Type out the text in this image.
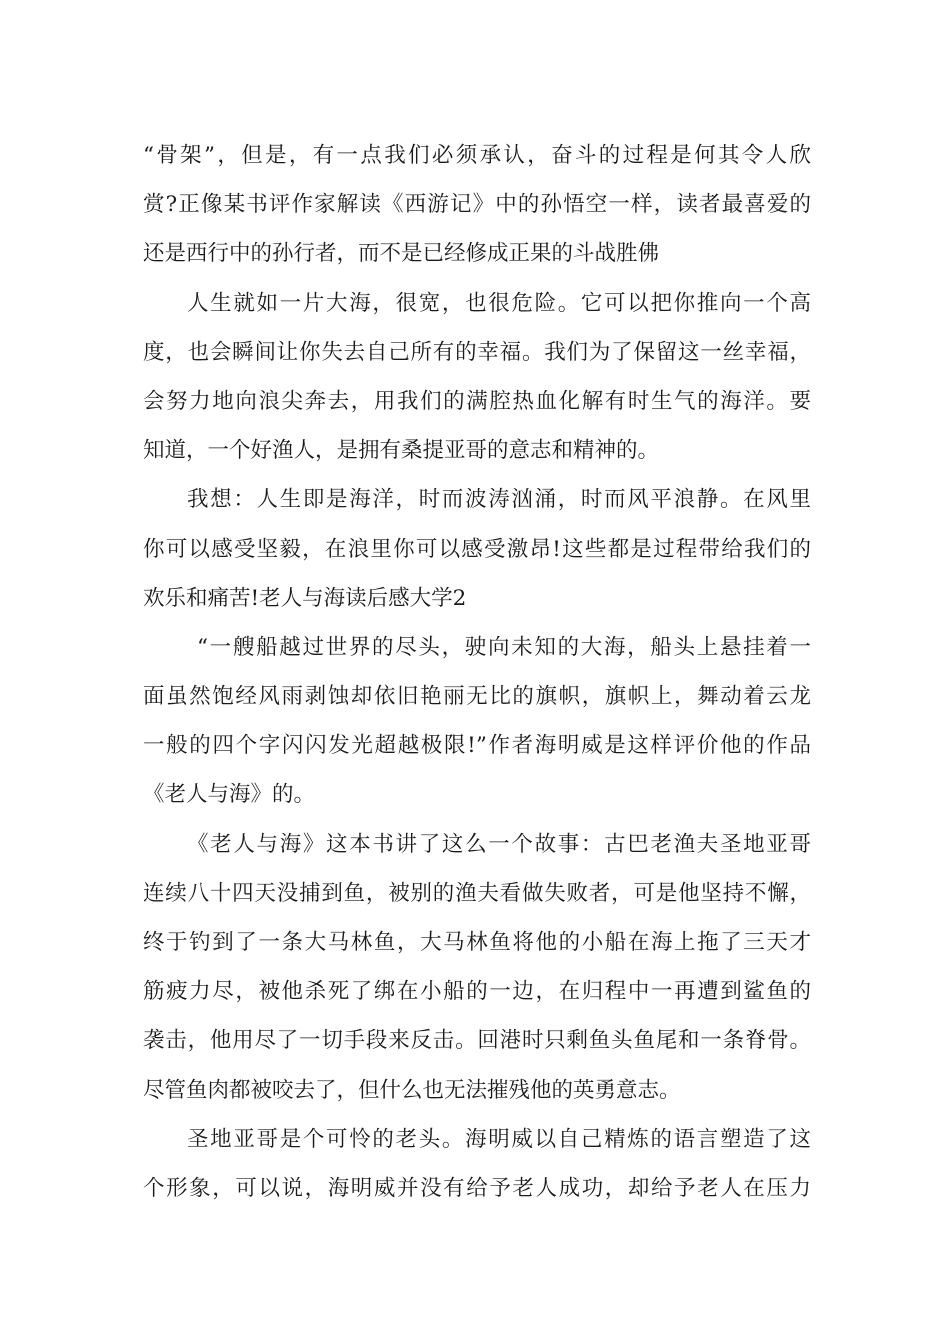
“骨架”，但是，有一点我们必须承认，奋斗的过程是何其令人欣
赏?正像某书评作家解读《西游记》中的孙悟空一样，读者最喜爱的
还是西行中的孙行者，而不是已经修成正果的斗战胜佛
人生就如一片大海，很宽，也很危险。它可以把你推向一个高
度，也会瞬间让你失去自己所有的幸福。我们为了保留这一丝幸福，
会努力地向浪尖奔去，用我们的满腔热血化解有时生气的海洋。要
知道，一个好渔人，是拥有桑提亚哥的意志和精神的。
我想：人生即是海洋，时而波涛汹涌，时而风平浪静。在风里
你可以感受坚毅，在浪里你可以感受激昂!这些都是过程带给我们的
欢乐和痛苦!老人与海读后感大学2
“一艘船越过世界的尽头，驶向未知的大海，船头上悬挂着一
面虽然饱经风雨剥蚀却依旧艳丽无比的旗帜，旗帜上，舞动着云龙
一般的四个字闪闪发光超越极限!”作者海明威是这样评价他的作品
《老人与海》的。
《老人与海》这本书讲了这么一个故事：古巴老渔夫圣地亚哥
连续八十四天没捕到鱼，被别的渔夫看做失败者，可是他坚持不懈，
终于钓到了一条大马林鱼，大马林鱼将他的小船在海上拖了三天才
筋疲力尽，被他杀死了绑在小船的一边，在归程中一再遭到鲨鱼的
袭击，他用尽了一切手段来反击。回港时只剩鱼头鱼尾和一条脊骨。
尽管鱼肉都被咬去了，但什么也无法摧残他的英勇意志。
圣地亚哥是个可怜的老头。海明威以自己精炼的语言塑造了这
个形象，可以说，海明威并没有给予老人成功，却给予老人在压力
